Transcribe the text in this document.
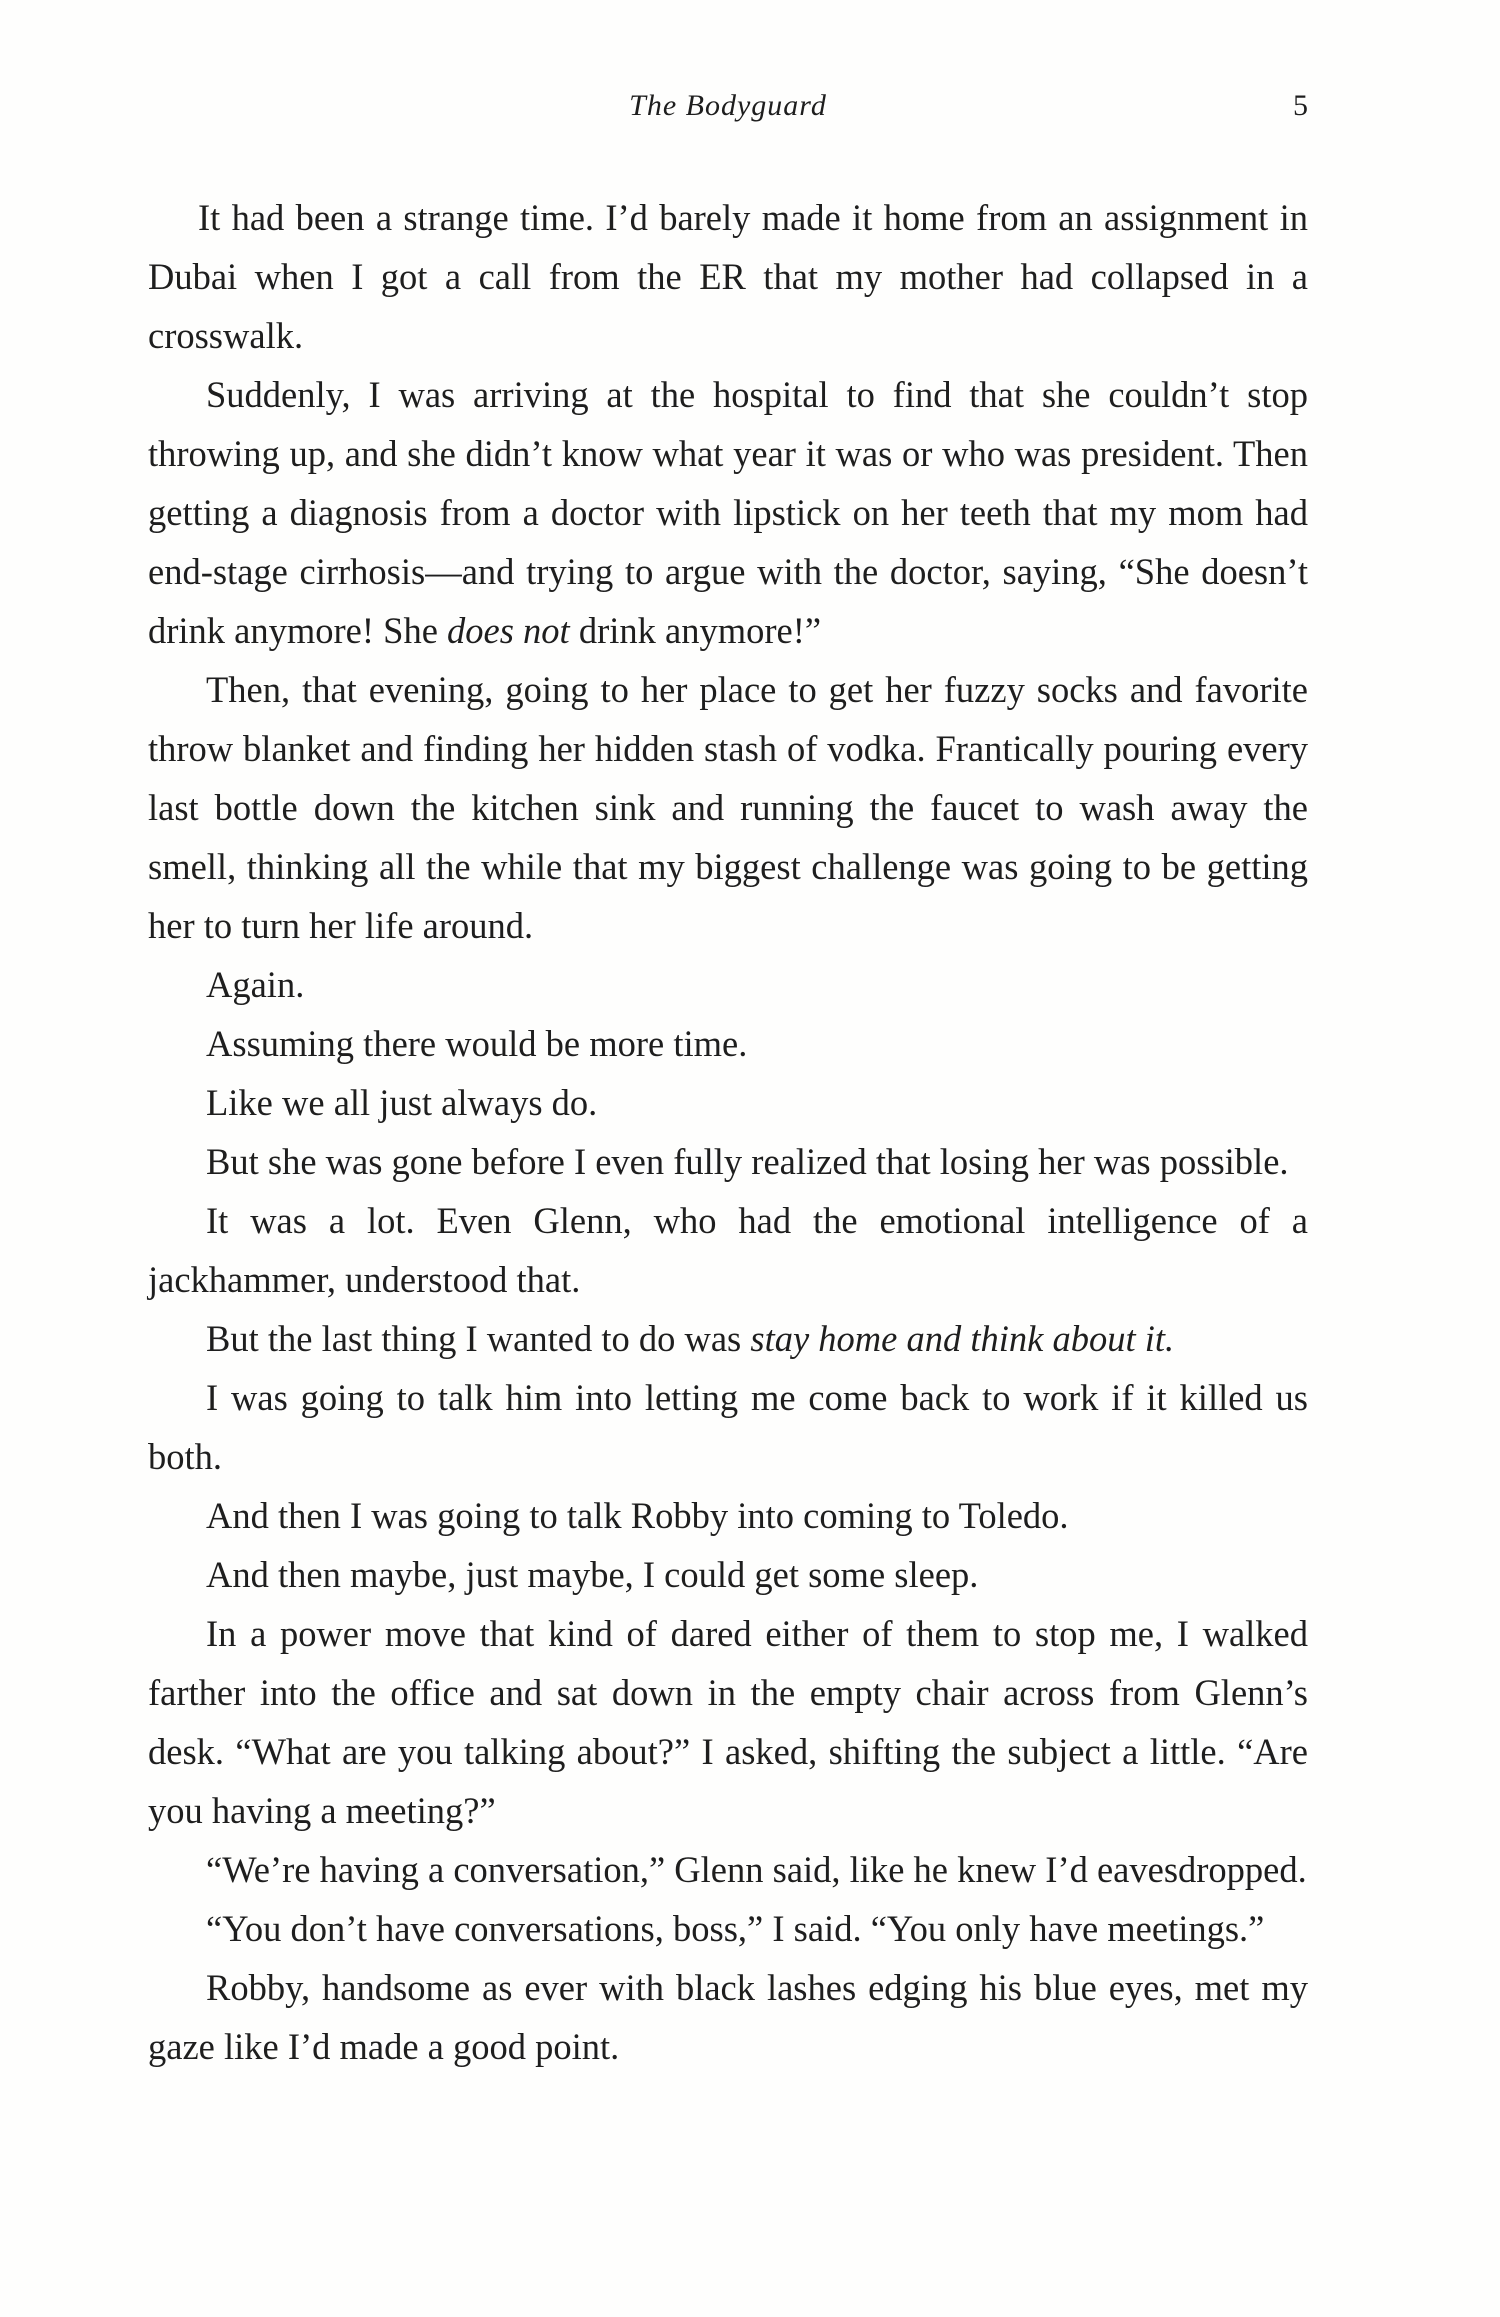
The Bodyguard	5

It had been a strange time. I’d barely made it home from an assignment in Dubai when I got a call from the ER that my mother had collapsed in a crosswalk.

Suddenly, I was arriving at the hospital to find that she couldn’t stop throwing up, and she didn’t know what year it was or who was president. Then getting a diagnosis from a doctor with lipstick on her teeth that my mom had end-stage cirrhosis—and trying to argue with the doctor, saying, “She doesn’t drink anymore! She does not drink anymore!”

Then, that evening, going to her place to get her fuzzy socks and favorite throw blanket and finding her hidden stash of vodka. Frantically pouring every last bottle down the kitchen sink and running the faucet to wash away the smell, thinking all the while that my biggest challenge was going to be getting her to turn her life around.

Again.

Assuming there would be more time.

Like we all just always do.

But she was gone before I even fully realized that losing her was possible.

It was a lot. Even Glenn, who had the emotional intelligence of a jackhammer, understood that.

But the last thing I wanted to do was stay home and think about it.

I was going to talk him into letting me come back to work if it killed us both.

And then I was going to talk Robby into coming to Toledo.

And then maybe, just maybe, I could get some sleep.

In a power move that kind of dared either of them to stop me, I walked farther into the office and sat down in the empty chair across from Glenn’s desk. “What are you talking about?” I asked, shifting the subject a little. “Are you having a meeting?”

“We’re having a conversation,” Glenn said, like he knew I’d eavesdropped.

“You don’t have conversations, boss,” I said. “You only have meetings.”

Robby, handsome as ever with black lashes edging his blue eyes, met my gaze like I’d made a good point.
